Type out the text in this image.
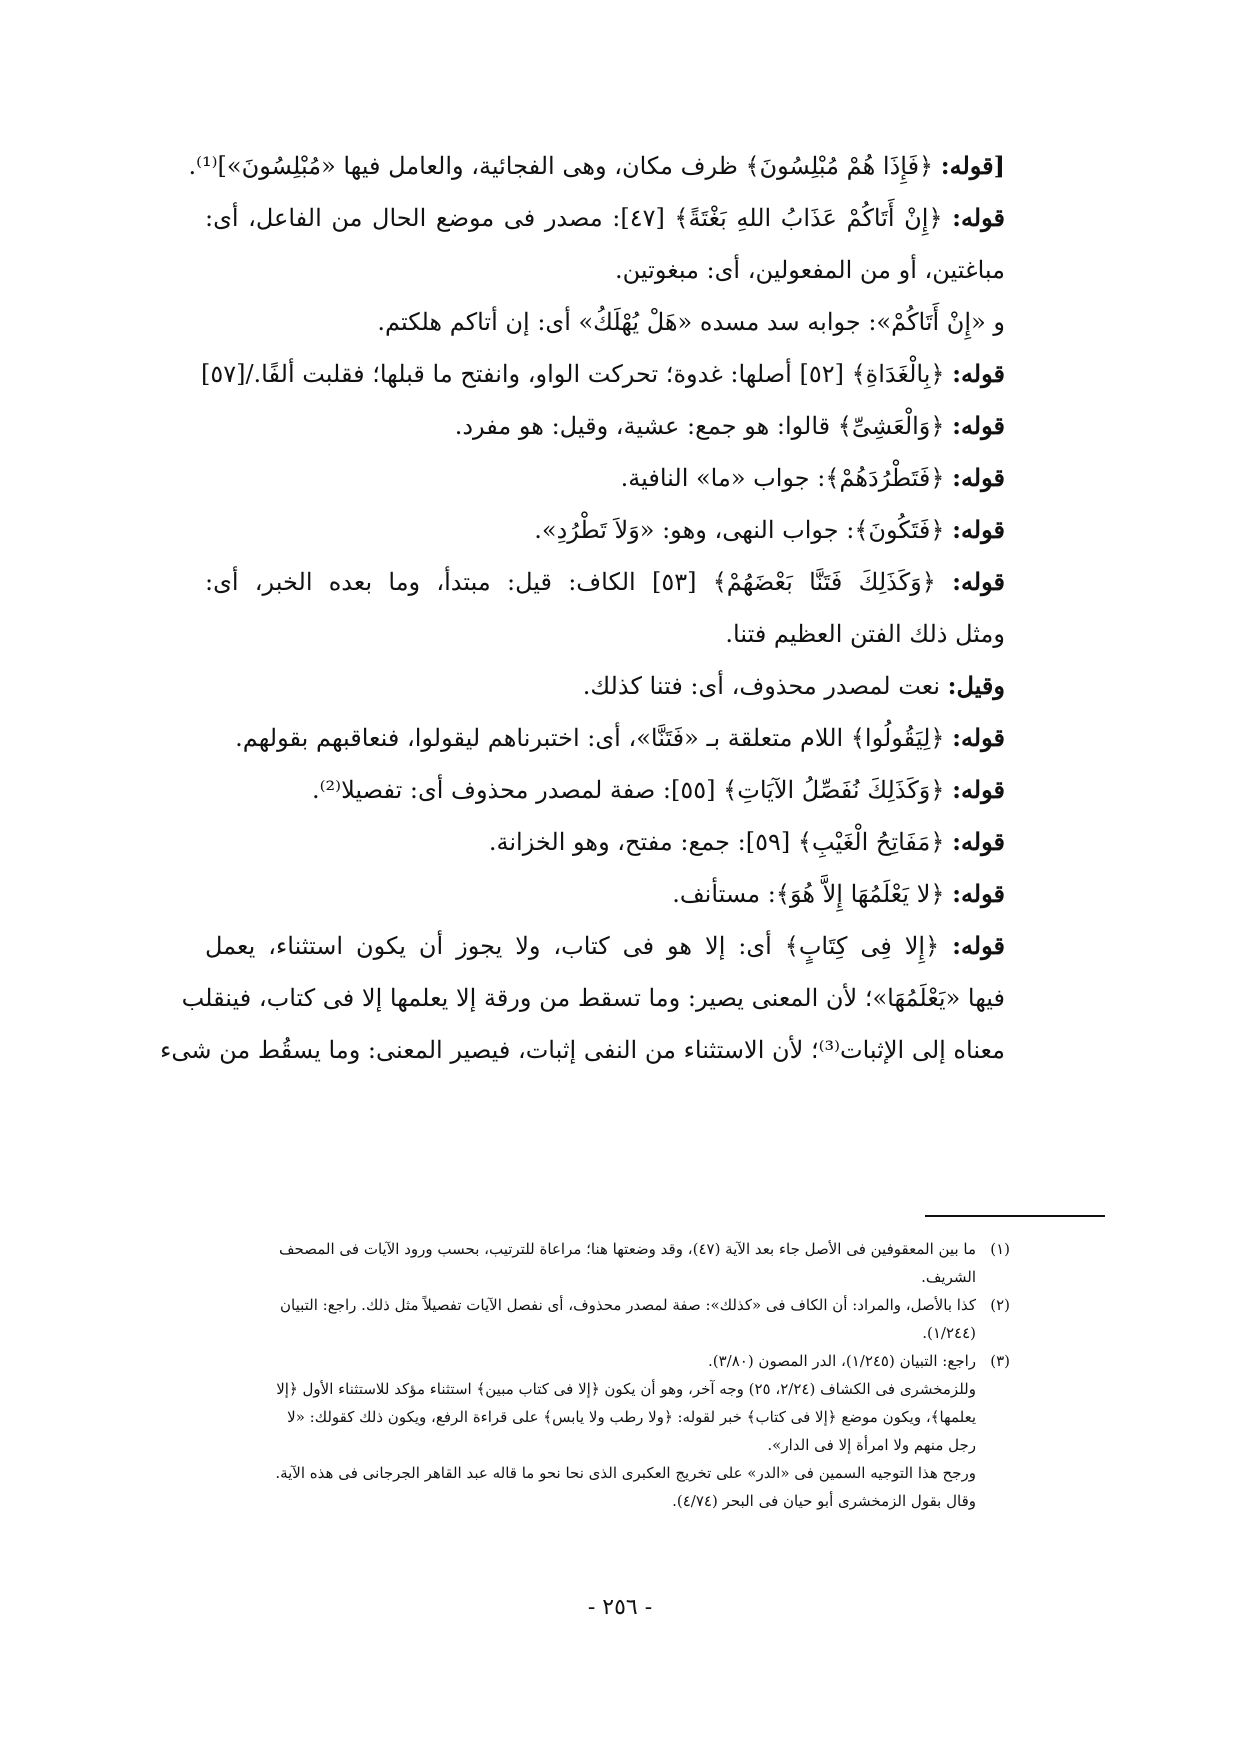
[قوله: ﴿فَإِذَا هُمْ مُبْلِسُونَ﴾ ظرف مكان، وهى الفجائية، والعامل فيها «مُبْلِسُونَ»]⁽¹⁾.
قوله: ﴿إِنْ أَتَاكُمْ عَذَابُ اللهِ بَغْتَةً﴾ [٤٧]: مصدر فى موضع الحال من الفاعل، أى:
مباغتين، أو من المفعولين، أى: مبغوتين.
و «إِنْ أَتَاكُمْ»: جوابه سد مسده «هَلْ يُهْلَكُ» أى: إن أتاكم هلكتم.
قوله: ﴿بِالْغَدَاةِ﴾ [٥٢] أصلها: غدوة؛ تحركت الواو، وانفتح ما قبلها؛ فقلبت ألفًا./[٥٧]
قوله: ﴿وَالْعَشِىِّ﴾ قالوا: هو جمع: عشية، وقيل: هو مفرد.
قوله: ﴿فَتَطْرُدَهُمْ﴾: جواب «ما» النافية.
قوله: ﴿فَتَكُونَ﴾: جواب النهى، وهو: «وَلاَ تَطْرُدِ».
قوله: ﴿وَكَذَلِكَ فَتَنَّا بَعْضَهُمْ﴾ [٥٣] الكاف: قيل: مبتدأ، وما بعده الخبر، أى:
ومثل ذلك الفتن العظيم فتنا.
وقيل: نعت لمصدر محذوف، أى: فتنا كذلك.
قوله: ﴿لِيَقُولُوا﴾ اللام متعلقة بـ «فَتَنَّا»، أى: اختبرناهم ليقولوا، فنعاقبهم بقولهم.
قوله: ﴿وَكَذَلِكَ نُفَصِّلُ الآيَاتِ﴾ [٥٥]: صفة لمصدر محذوف أى: تفصيلا⁽²⁾.
قوله: ﴿مَفَاتِحُ الْغَيْبِ﴾ [٥٩]: جمع: مفتح، وهو الخزانة.
قوله: ﴿لا يَعْلَمُهَا إِلاَّ هُوَ﴾: مستأنف.
قوله: ﴿إِلا فِى كِتَابٍ﴾ أى: إلا هو فى كتاب، ولا يجوز أن يكون استثناء، يعمل
فيها «يَعْلَمُهَا»؛ لأن المعنى يصير: وما تسقط من ورقة إلا يعلمها إلا فى كتاب، فينقلب
معناه إلى الإثبات⁽³⁾؛ لأن الاستثناء من النفى إثبات، فيصير المعنى: وما يسقُط من شىء
(١)ما بين المعقوفين فى الأصل جاء بعد الآية (٤٧)، وقد وضعتها هنا؛ مراعاة للترتيب، بحسب ورود الآيات فى المصحف
الشريف.
(٢)كذا بالأصل، والمراد: أن الكاف فى «كذلك»: صفة لمصدر محذوف، أى نفصل الآيات تفصيلاً مثل ذلك. راجع: التبيان
(١/٢٤٤).
(٣)راجع: التبيان (١/٢٤٥)، الدر المصون (٣/٨٠).
وللزمخشرى فى الكشاف (٢/٢٤، ٢٥) وجه آخر، وهو أن يكون ﴿إلا فى كتاب مبين﴾ استثناء مؤكد للاستثناء الأول ﴿إلا
يعلمها﴾، ويكون موضع ﴿إلا فى كتاب﴾ خبر لقوله: ﴿ولا رطب ولا يابس﴾ على قراءة الرفع، ويكون ذلك كقولك: «لا
رجل منهم ولا امرأة إلا فى الدار».
ورجح هذا التوجيه السمين فى «الدر» على تخريج العكبرى الذى نحا نحو ما قاله عبد القاهر الجرجانى فى هذه الآية.
وقال بقول الزمخشرى أبو حيان فى البحر (٤/٧٤).
- ٢٥٦ -
